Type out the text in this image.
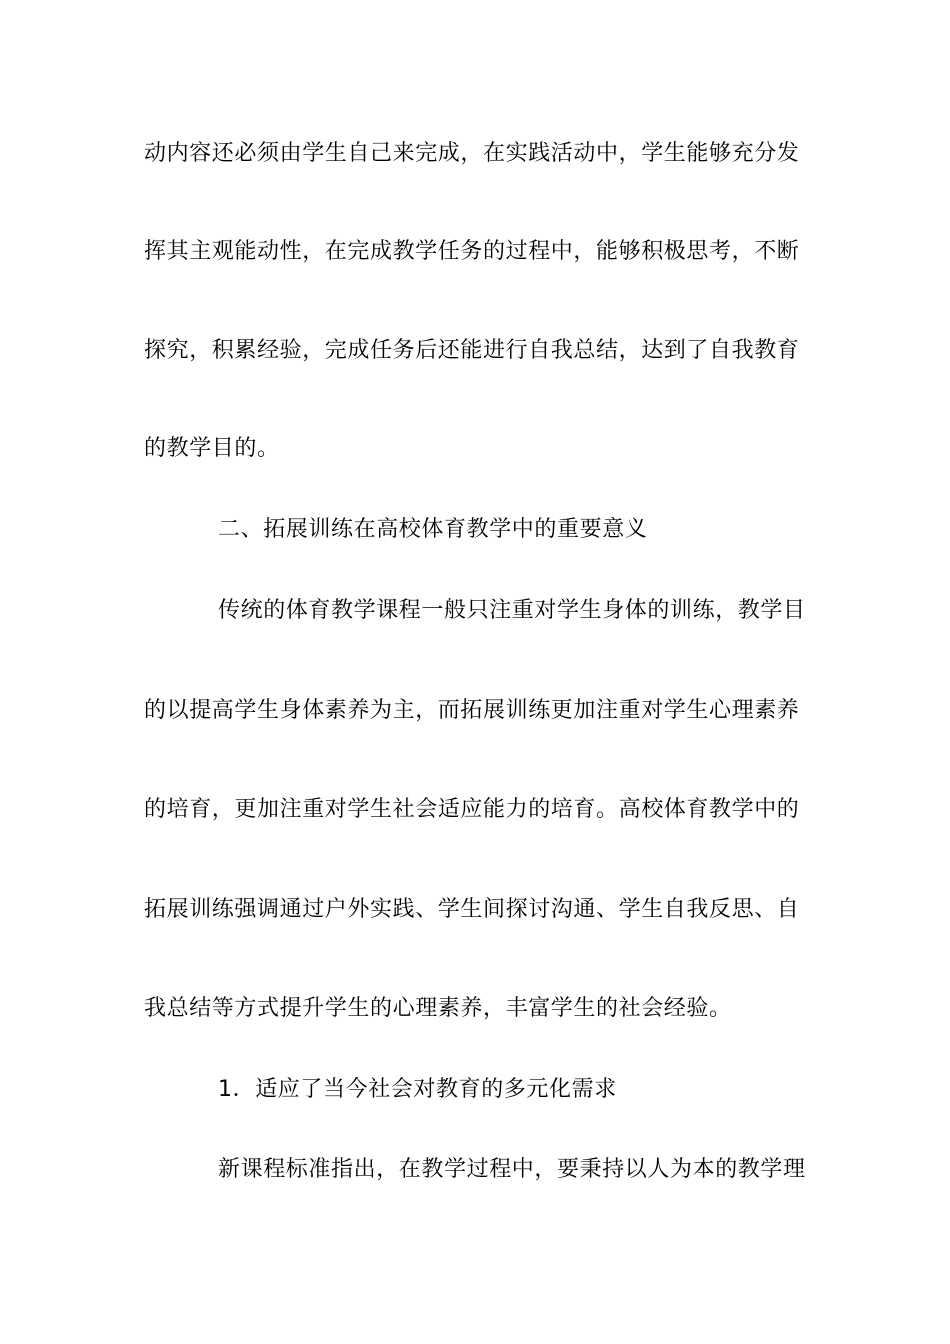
动内容还必须由学生自己来完成，在实践活动中，学生能够充分发
挥其主观能动性，在完成教学任务的过程中，能够积极思考，不断
探究，积累经验，完成任务后还能进行自我总结，达到了自我教育
的教学目的。
二、拓展训练在高校体育教学中的重要意义
传统的体育教学课程一般只注重对学生身体的训练，教学目
的以提高学生身体素养为主，而拓展训练更加注重对学生心理素养
的培育，更加注重对学生社会适应能力的培育。高校体育教学中的
拓展训练强调通过户外实践、学生间探讨沟通、学生自我反思、自
我总结等方式提升学生的心理素养，丰富学生的社会经验。
1．适应了当今社会对教育的多元化需求
新课程标准指出，在教学过程中，要秉持以人为本的教学理
